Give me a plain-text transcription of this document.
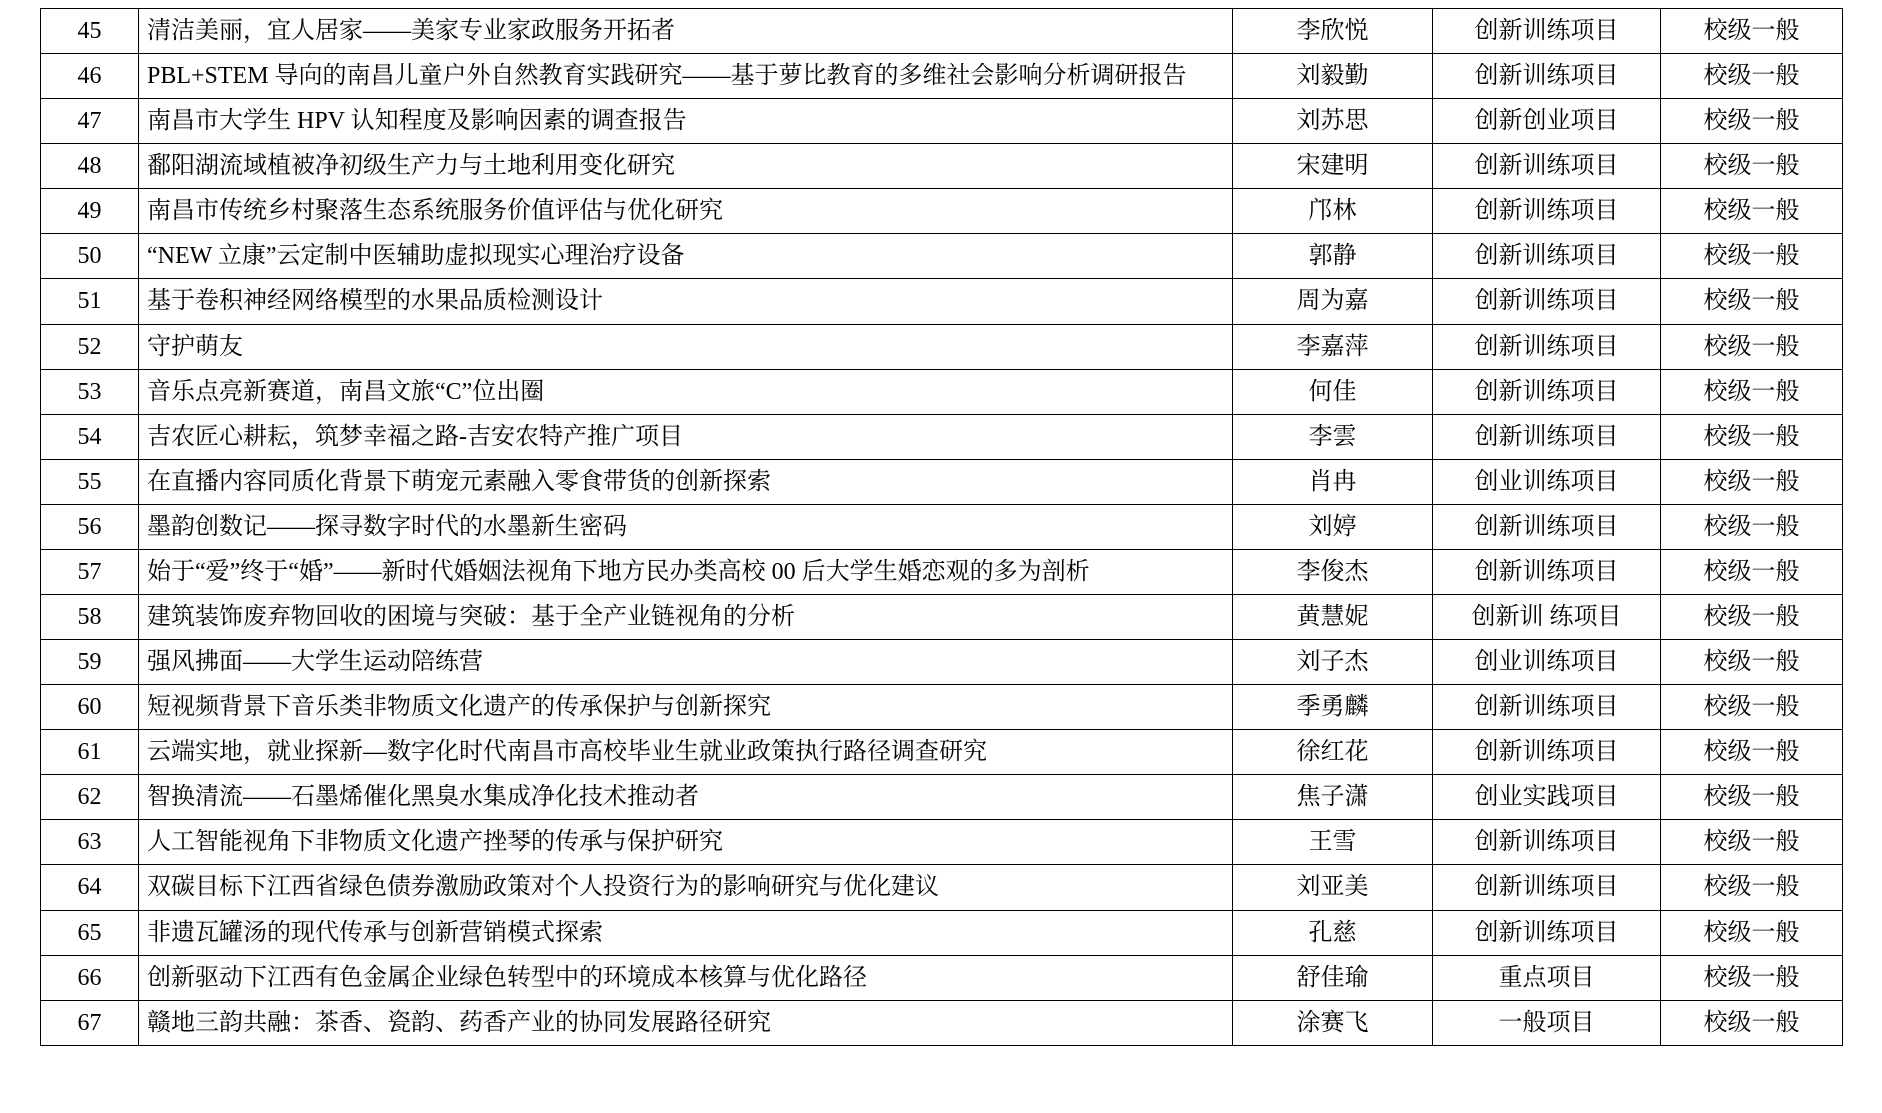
45	清洁美丽，宜人居家——美家专业家政服务开拓者	李欣悦	创新训练项目	校级一般
46	PBL+STEM 导向的南昌儿童户外自然教育实践研究——基于萝比教育的多维社会影响分析调研报告	刘毅勤	创新训练项目	校级一般
47	南昌市大学生 HPV 认知程度及影响因素的调查报告	刘苏思	创新创业项目	校级一般
48	鄱阳湖流域植被净初级生产力与土地利用变化研究	宋建明	创新训练项目	校级一般
49	南昌市传统乡村聚落生态系统服务价值评估与优化研究	邝林	创新训练项目	校级一般
50	“NEW 立康”云定制中医辅助虚拟现实心理治疗设备	郭静	创新训练项目	校级一般
51	基于卷积神经网络模型的水果品质检测设计	周为嘉	创新训练项目	校级一般
52	守护萌友	李嘉萍	创新训练项目	校级一般
53	音乐点亮新赛道，南昌文旅“C”位出圈	何佳	创新训练项目	校级一般
54	吉农匠心耕耘，筑梦幸福之路-吉安农特产推广项目	李雲	创新训练项目	校级一般
55	在直播内容同质化背景下萌宠元素融入零食带货的创新探索	肖冉	创业训练项目	校级一般
56	墨韵创数记——探寻数字时代的水墨新生密码	刘婷	创新训练项目	校级一般
57	始于“爱”终于“婚”——新时代婚姻法视角下地方民办类高校 00 后大学生婚恋观的多为剖析	李俊杰	创新训练项目	校级一般
58	建筑装饰废弃物回收的困境与突破：基于全产业链视角的分析	黄慧妮	创新训 练项目	校级一般
59	强风拂面——大学生运动陪练营	刘子杰	创业训练项目	校级一般
60	短视频背景下音乐类非物质文化遗产的传承保护与创新探究	季勇麟	创新训练项目	校级一般
61	云端实地，就业探新—数字化时代南昌市高校毕业生就业政策执行路径调查研究	徐红花	创新训练项目	校级一般
62	智换清流——石墨烯催化黑臭水集成净化技术推动者	焦子潇	创业实践项目	校级一般
63	人工智能视角下非物质文化遗产挫琴的传承与保护研究	王雪	创新训练项目	校级一般
64	双碳目标下江西省绿色债券激励政策对个人投资行为的影响研究与优化建议	刘亚美	创新训练项目	校级一般
65	非遗瓦罐汤的现代传承与创新营销模式探索	孔慈	创新训练项目	校级一般
66	创新驱动下江西有色金属企业绿色转型中的环境成本核算与优化路径	舒佳瑜	重点项目	校级一般
67	赣地三韵共融：茶香、瓷韵、药香产业的协同发展路径研究	涂赛飞	一般项目	校级一般
